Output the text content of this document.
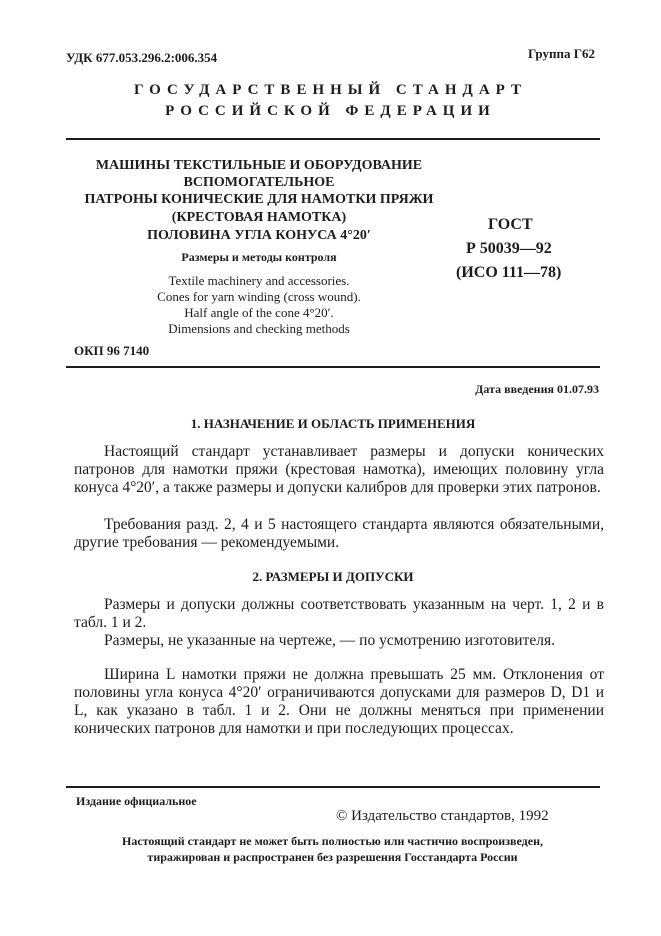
УДК 677.053.296.2:006.354	Группа Г62
ГОСУДАРСТВЕННЫЙ СТАНДАРТ
РОССИЙСКОЙ ФЕДЕРАЦИИ
МАШИНЫ ТЕКСТИЛЬНЫЕ И ОБОРУДОВАНИЕ
ВСПОМОГАТЕЛЬНОЕ
ПАТРОНЫ КОНИЧЕСКИЕ ДЛЯ НАМОТКИ ПРЯЖИ
(КРЕСТОВАЯ НАМОТКА)
ПОЛОВИНА УГЛА КОНУСА 4°20′
Размеры и методы контроля
Textile machinery and accessories.
Cones for yarn winding (cross wound).
Half angle of the cone 4°20′.
Dimensions and checking methods
ГОСТ
Р 50039—92
(ИСО 111—78)
ОКП 96 7140
Дата введения 01.07.93
1. НАЗНАЧЕНИЕ И ОБЛАСТЬ ПРИМЕНЕНИЯ
Настоящий стандарт устанавливает размеры и допуски конических патронов для намотки пряжи (крестовая намотка), имеющих половину угла конуса 4°20′, а также размеры и допуски калибров для проверки этих патронов.
Требования разд. 2, 4 и 5 настоящего стандарта являются обязательными, другие требования — рекомендуемыми.
2. РАЗМЕРЫ И ДОПУСКИ
Размеры и допуски должны соответствовать указанным на черт. 1, 2 и в табл. 1 и 2.
Размеры, не указанные на чертеже, — по усмотрению изготовителя.
Ширина L намотки пряжи не должна превышать 25 мм. Отклонения от половины угла конуса 4°20′ ограничиваются допусками для размеров D, D1 и L, как указано в табл. 1 и 2. Они не должны меняться при применении конических патронов для намотки и при последующих процессах.
Издание официальное
© Издательство стандартов, 1992
Настоящий стандарт не может быть полностью или частично воспроизведен,
тиражирован и распространен без разрешения Госстандарта России
